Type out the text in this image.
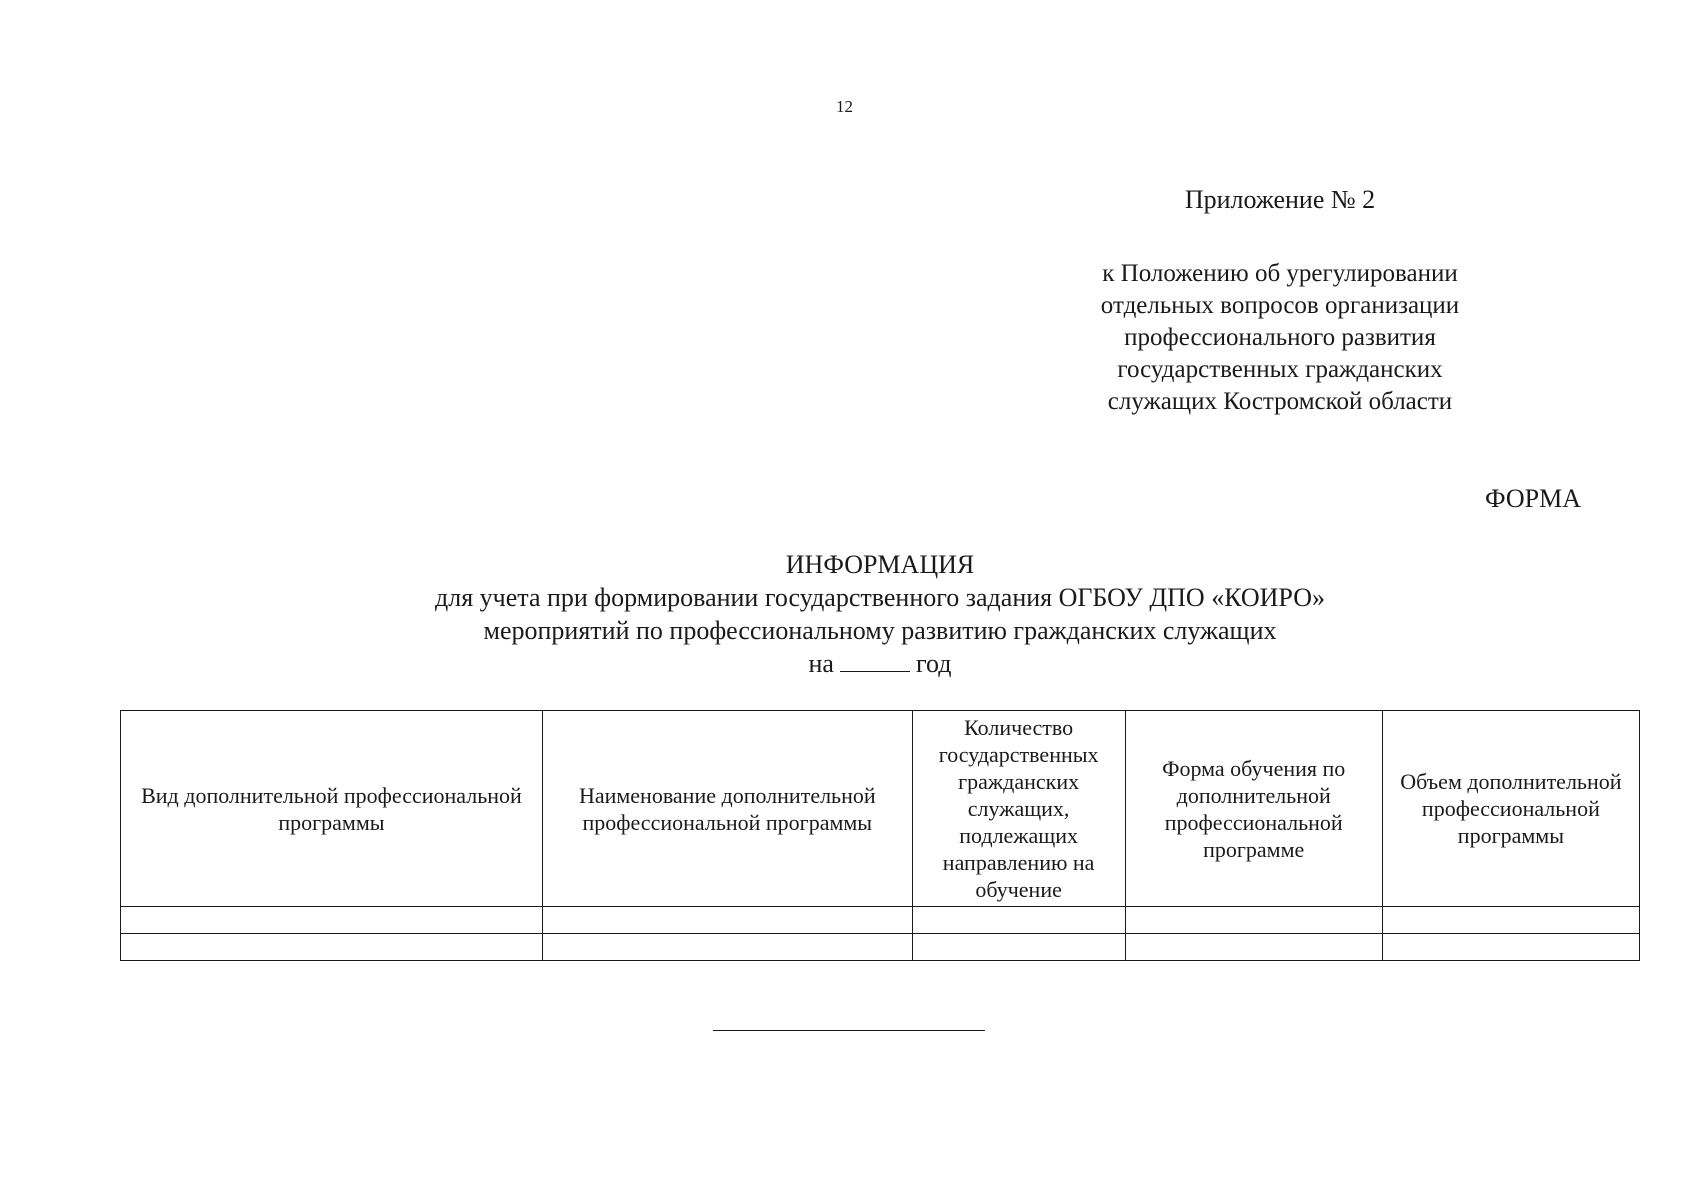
12
Приложение № 2
к Положению об урегулировании
отдельных вопросов организации
профессионального развития
государственных гражданских
служащих Костромской области
ФОРМА
ИНФОРМАЦИЯ
для учета при формировании государственного задания ОГБОУ ДПО «КОИРО»
мероприятий по профессиональному развитию гражданских служащих
на	год
Вид дополнительной профессиональной программы	Наименование дополнительной профессиональной программы	Количество государственных гражданских служащих, подлежащих направлению на обучение	Форма обучения по дополнительной профессиональной программе	Объем дополнительной профессиональной программы
